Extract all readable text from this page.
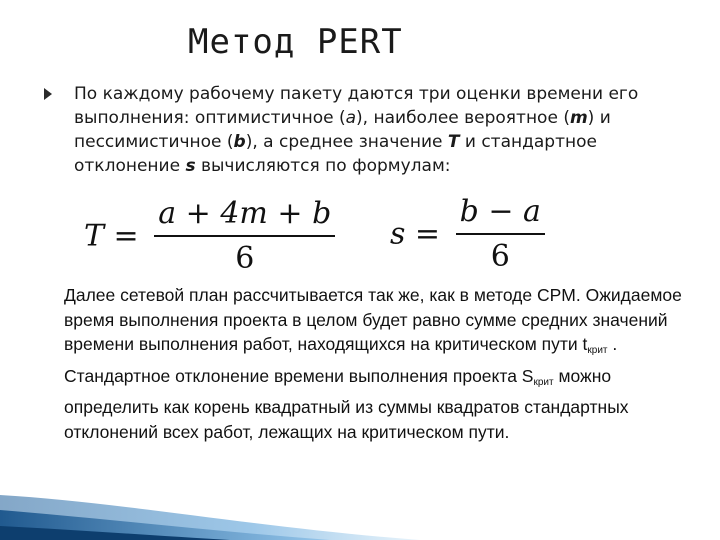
Метод PERT
По каждому рабочему пакету даются три оценки времени его выполнения: оптимистичное (a), наиболее вероятное (m) и пессимистичное (b), а среднее значение T и стандартное отклонение s вычисляются по формулам:
$T = \frac{a + 4m + b}{6}$ $s = \frac{b - a}{6}$
Далее сетевой план рассчитывается так же, как в методе CPM. Ожидаемое время выполнения проекта в целом будет равно сумме средних значений времени выполнения работ, находящихся на критическом пути $t_{крит}$ . Стандартное отклонение времени выполнения проекта $S_{крит}$ можно определить как корень квадратный из суммы квадратов стандартных отклонений всех работ, лежащих на критическом пути.
